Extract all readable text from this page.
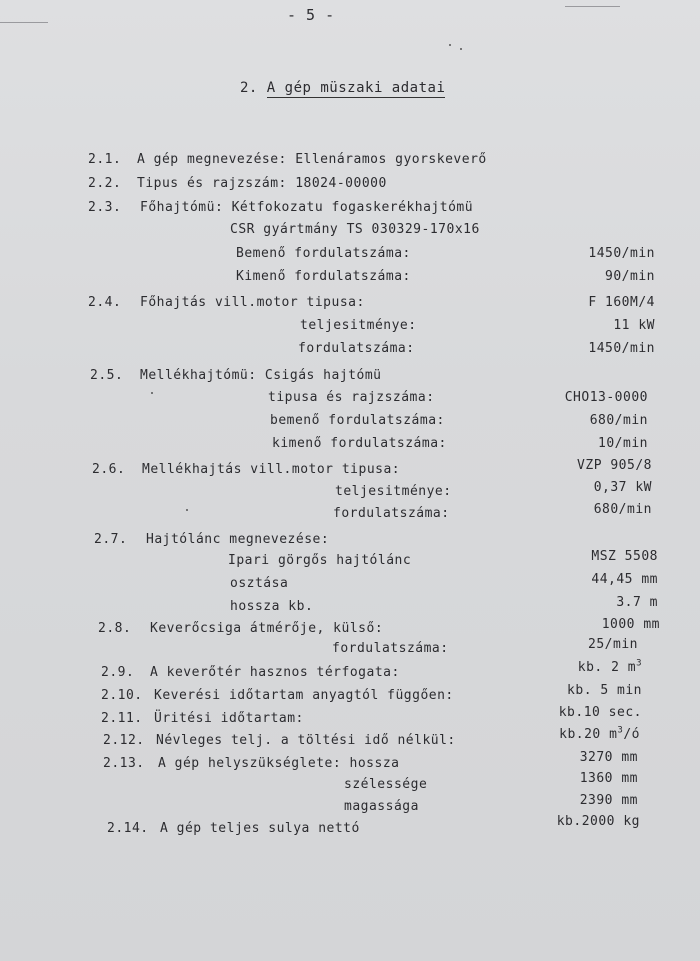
- 5 -
2. A gép müszaki adatai
2.1. A gép megnevezése: Ellenáramos gyorskeverő
2.2. Tipus és rajzszám: 18024-00000
2.3. Főhajtómü: Kétfokozatu fogaskerékhajtómü
CSR gyártmány TS 030329-170x16
Bemenő fordulatszáma:	1450/min
Kimenő fordulatszáma:	90/min
2.4. Főhajtás vill.motor tipusa:	F 160M/4
teljesitménye:	11 kW
fordulatszáma:	1450/min
2.5. Mellékhajtómü: Csigás hajtómü
tipusa és rajzszáma:	CHO13-0000
bemenő fordulatszáma:	680/min
kimenő fordulatszáma:	10/min
2.6. Mellékhajtás vill.motor tipusa:	VZP 905/8
teljesitménye:	0,37 kW
fordulatszáma:	680/min
2.7. Hajtólánc megnevezése:
Ipari görgős hajtólánc	MSZ 5508
osztása	44,45 mm
hossza kb.	3.7 m
2.8. Keverőcsiga átmérője, külső:	1000 mm
fordulatszáma:	25/min
2.9. A keverőtér hasznos térfogata:	kb. 2 $m^3$
2.10. Keverési időtartam anyagtól függően:	kb. 5 min
2.11. Üritési időtartam:	kb.10 sec.
2.12. Névleges telj. a töltési idő nélkül:	kb.20 $m^3/ó$
2.13. A gép helyszükséglete: hossza	3270 mm
szélessége	1360 mm
magassága	2390 mm
2.14. A gép teljes sulya nettó	kb.2000 kg
